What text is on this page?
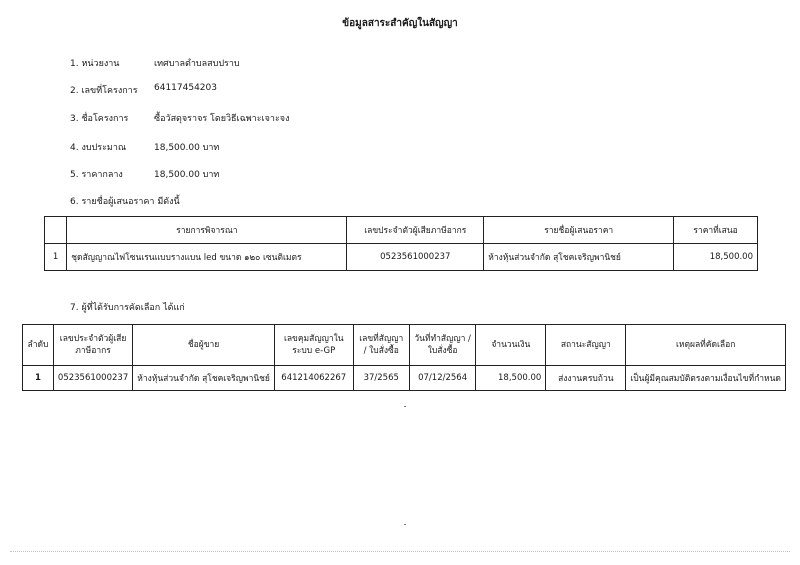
ข้อมูลสาระสำคัญในสัญญา
1. หน่วยงาน	เทศบาลตำบลสบปราบ
2. เลขที่โครงการ 64117454203
3. ชื่อโครงการ	ซื้อวัสดุจราจร โดยวิธีเฉพาะเจาะจง
4. งบประมาณ	18,500.00 บาท
5. ราคากลาง	18,500.00 บาท
6. รายชื่อผู้เสนอราคา มีดังนี้
	รายการพิจารณา	เลขประจำตัวผู้เสียภาษีอากร	รายชื่อผู้เสนอราคา	ราคาที่เสนอ
1	ชุดสัญญาณไฟโซนเรนแบบรางแบน led ขนาด ๑๒๐ เซนติเมตร	0523561000237	ห้างหุ้นส่วนจำกัด สุโชคเจริญพานิชย์	18,500.00
7. ผู้ที่ได้รับการคัดเลือก ได้แก่
ลำดับ	เลขประจำตัวผู้เสียภาษีอากร	ชื่อผู้ขาย	เลขคุมสัญญาในระบบ e-GP	เลขที่สัญญา / ใบสั่งซื้อ	วันที่ทำสัญญา / ใบสั่งซื้อ	จำนวนเงิน	สถานะสัญญา	เหตุผลที่คัดเลือก
1	0523561000237	ห้างหุ้นส่วนจำกัด สุโชคเจริญพานิชย์	641214062267	37/2565	07/12/2564	18,500.00	ส่งงานครบถ้วน	เป็นผู้มีคุณสมบัติตรงตามเงื่อนไขที่กำหนด
